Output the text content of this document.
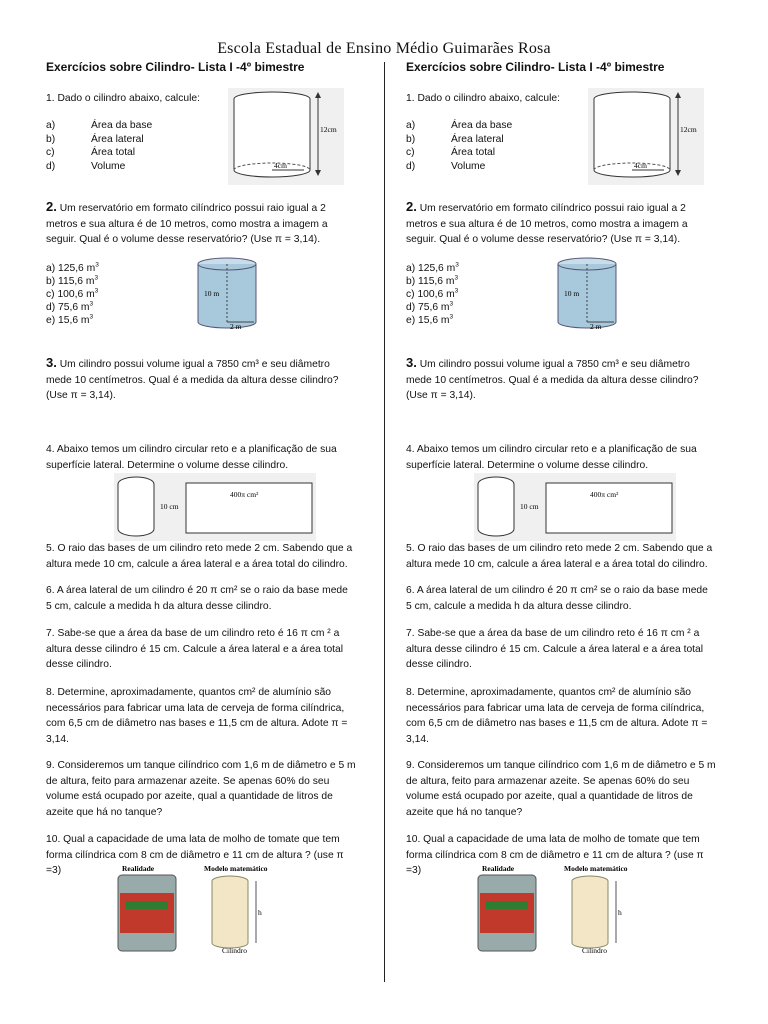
Escola Estadual de Ensino Médio Guimarães Rosa
Exercícios sobre Cilindro- Lista I -4º bimestre
1. Dado o cilindro abaixo, calcule:
a)	Área da base
b)	Área lateral
c)	Área total
d)	Volume
12cm
4cm
2. Um reservatório em formato cilíndrico possui raio igual a 2 metros e sua altura é de 10 metros, como mostra a imagem a seguir. Qual é o volume desse reservatório? (Use π = 3,14).
a) 125,6 $m^3$
b) 115,6 $m^3$
c) 100,6 $m^3$
d) 75,6 $m^3$
e) 15,6 $m^3$
10 m
2 m
3. Um cilindro possui volume igual a 7850 cm³ e seu diâmetro mede 10 centímetros. Qual é a medida da altura desse cilindro? (Use π = 3,14).
4. Abaixo temos um cilindro circular reto e a planificação de sua superfície lateral. Determine o volume desse cilindro.
10 cm
400π cm²
5. O raio das bases de um cilindro reto mede 2 cm. Sabendo que a altura mede 10 cm, calcule a área lateral e a área total do cilindro.
6. A área lateral de um cilindro é 20 π cm² se o raio da base mede 5 cm, calcule a medida h da altura desse cilindro.
7. Sabe-se que a área da base de um cilindro reto é 16 π cm ² a altura desse cilindro é 15 cm. Calcule a área lateral e a área total desse cilindro.
8. Determine, aproximadamente, quantos cm² de alumínio são necessários para fabricar uma lata de cerveja de forma cilíndrica, com 6,5 cm de diâmetro nas bases e 11,5 cm de altura. Adote π = 3,14.
9. Consideremos um tanque cilíndrico com 1,6 m de diâmetro e 5 m de altura, feito para armazenar azeite. Se apenas 60% do seu volume está ocupado por azeite, qual a quantidade de litros de azeite que há no tanque?
10. Qual a capacidade de uma lata de molho de tomate que tem forma cilíndrica com 8 cm de diâmetro e 11 cm de altura ? (use π =3)	Realidade	Modelo matemático
h
Cilindro
Exercícios sobre Cilindro- Lista I -4º bimestre
1. Dado o cilindro abaixo, calcule:
a)	Área da base
b)	Área lateral
c)	Área total
d)	Volume
12cm
4cm
2. Um reservatório em formato cilíndrico possui raio igual a 2 metros e sua altura é de 10 metros, como mostra a imagem a seguir. Qual é o volume desse reservatório? (Use π = 3,14).
a) 125,6 $m^3$
b) 115,6 $m^3$
c) 100,6 $m^3$
d) 75,6 $m^3$
e) 15,6 $m^3$
10 m
2 m
3. Um cilindro possui volume igual a 7850 cm³ e seu diâmetro mede 10 centímetros. Qual é a medida da altura desse cilindro? (Use π = 3,14).
4. Abaixo temos um cilindro circular reto e a planificação de sua superfície lateral. Determine o volume desse cilindro.
10 cm
400π cm²
5. O raio das bases de um cilindro reto mede 2 cm. Sabendo que a altura mede 10 cm, calcule a área lateral e a área total do cilindro.
6. A área lateral de um cilindro é 20 π cm² se o raio da base mede 5 cm, calcule a medida h da altura desse cilindro.
7. Sabe-se que a área da base de um cilindro reto é 16 π cm ² a altura desse cilindro é 15 cm. Calcule a área lateral e a área total desse cilindro.
8. Determine, aproximadamente, quantos cm² de alumínio são necessários para fabricar uma lata de cerveja de forma cilíndrica, com 6,5 cm de diâmetro nas bases e 11,5 cm de altura. Adote π = 3,14.
9. Consideremos um tanque cilíndrico com 1,6 m de diâmetro e 5 m de altura, feito para armazenar azeite. Se apenas 60% do seu volume está ocupado por azeite, qual a quantidade de litros de azeite que há no tanque?
10. Qual a capacidade de uma lata de molho de tomate que tem forma cilíndrica com 8 cm de diâmetro e 11 cm de altura ? (use π =3)	Realidade	Modelo matemático
h
Cilindro
